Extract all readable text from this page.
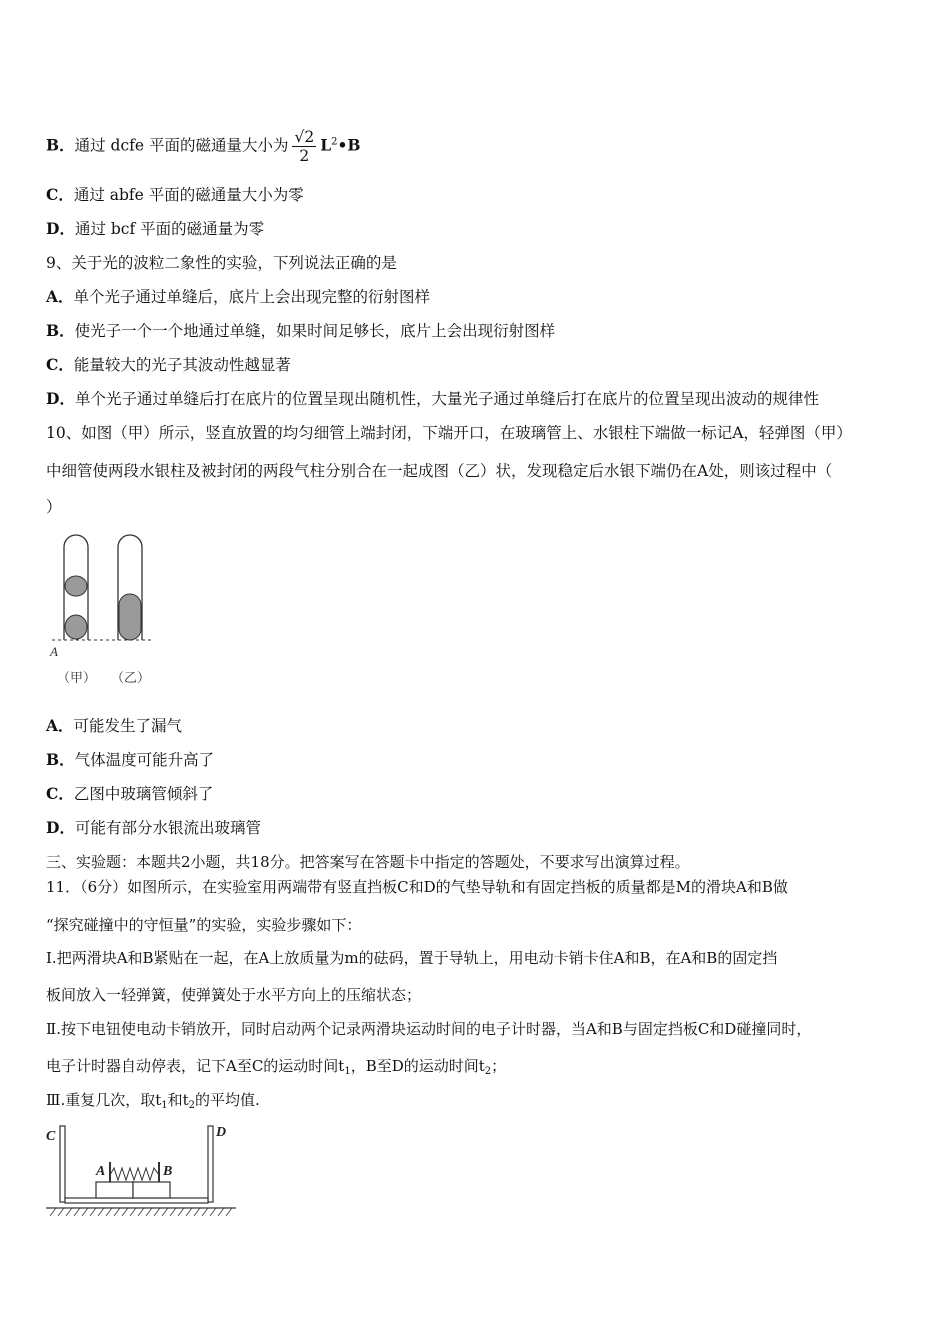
B．通过 dcfe 平面的磁通量大小为 $\frac{√2}{2}$ $L^2•B$
C．通过 abfe 平面的磁通量大小为零
D．通过 bcf 平面的磁通量为零
9、关于光的波粒二象性的实验，下列说法正确的是
A．单个光子通过单缝后，底片上会出现完整的衍射图样
B．使光子一个一个地通过单缝，如果时间足够长，底片上会出现衍射图样
C．能量较大的光子其波动性越显著
D．单个光子通过单缝后打在底片的位置呈现出随机性，大量光子通过单缝后打在底片的位置呈现出波动的规律性
10、如图（甲）所示，竖直放置的均匀细管上端封闭，下端开口，在玻璃管上、水银柱下端做一标记A，轻弹图（甲）
中细管使两段水银柱及被封闭的两段气柱分别合在一起成图（乙）状，发现稳定后水银下端仍在A处，则该过程中（
）
A
（甲） （乙）
A．可能发生了漏气
B．气体温度可能升高了
C．乙图中玻璃管倾斜了
D．可能有部分水银流出玻璃管
三、实验题：本题共2小题，共18分。把答案写在答题卡中指定的答题处，不要求写出演算过程。
11．（6分）如图所示，在实验室用两端带有竖直挡板C和D的气垫导轨和有固定挡板的质量都是M的滑块A和B做
“探究碰撞中的守恒量”的实验，实验步骤如下：
Ⅰ.把两滑块A和B紧贴在一起，在A上放质量为m的砝码，置于导轨上，用电动卡销卡住A和B，在A和B的固定挡
板间放入一轻弹簧，使弹簧处于水平方向上的压缩状态；
Ⅱ.按下电钮使电动卡销放开，同时启动两个记录两滑块运动时间的电子计时器，当A和B与固定挡板C和D碰撞同时，
电子计时器自动停表，记下A至C的运动时间$t_1$，B至D的运动时间$t_2$；
Ⅲ.重复几次，取$t_1$和$t_2$的平均值.
C	D
A	B
